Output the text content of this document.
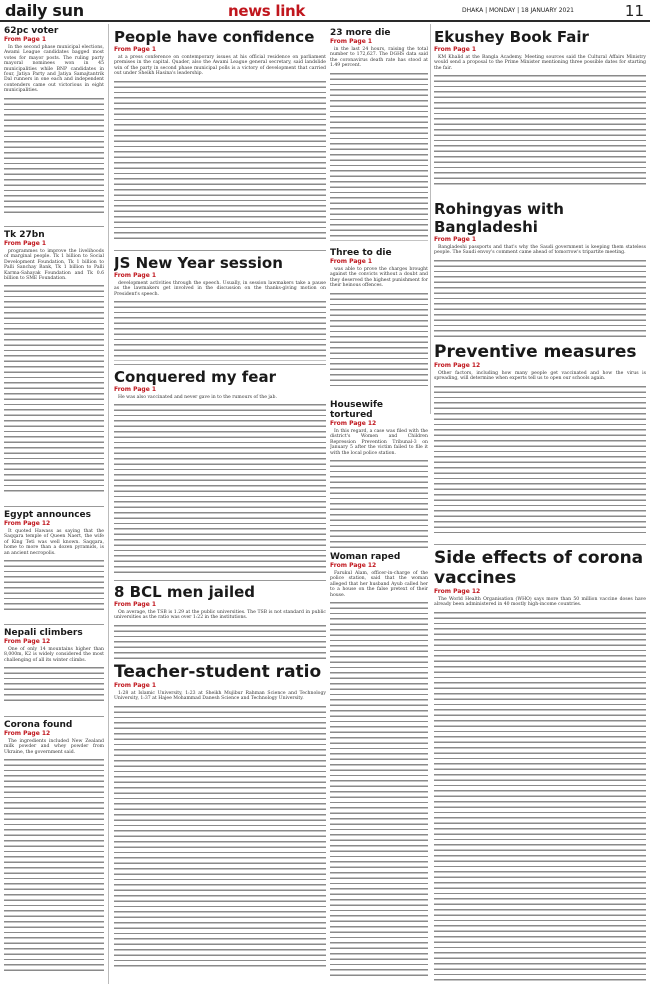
daily sun	news link	DHAKA | MONDAY | 18 JANUARY 2021	11
62pc voter
From Page 1

In the second phase municipal elections, Awami League candidates bagged most votes for mayor posts. The ruling party mayoral nominees won in 45 municipalities while BNP candidates in four, Jatiya Party and Jatiya Samajtantrik Dal runners in one each and independent contenders came out victorious in eight municipalities.

Tk 27bn
From Page 1

programmes to improve the livelihoods of marginal people. Tk 1 billion to Social Development Foundation, Tk 1 billion to Palli Sanchay Bank, Tk 1 billion to Palli Karma-Sahayak Foundation and Tk 0.6 billion to SME Foundation.

Egypt announces
From Page 12

It quoted Hawass as saying that the Saqqara temple of Queen Naert, the wife of King Teti was well known. Saqqara, home to more than a dozen pyramids, is an ancient necropolis.

Nepali climbers
From Page 12

One of only 14 mountains higher than 8,000m, K2 is widely considered the most challenging of all its winter climbs.

Corona found
From Page 12

The ingredients included New Zealand milk powder and whey powder from Ukraine, the government said.

People have confidence
From Page 1

at a press conference on contemporary issues at his official residence on parliament premises in the capital. Quader, also the Awami League general secretary, said landslide win of the party in second phase municipal polls is a victory of development that carried out under Sheikh Hasina's leadership.

23 more die
From Page 1

in the last 24 hours, raising the total number to 172,627. The DGHS data said the coronavirus death rate has stood at 1.49 percent.

Ekushey Book Fair
From Page 1

KM Khalid at the Bangla Academy. Meeting sources said the Cultural Affairs Ministry would send a proposal to the Prime Minister mentioning three possible dates for starting the fair.

Three to die
From Page 1

was able to prove the charges brought against the convicts without a doubt and they deserved the highest punishment for their heinous offences.

Rohingyas with Bangladeshi
From Page 1

Bangladeshi passports and that's why the Saudi government is keeping them stateless people. The Saudi envoy's comment came ahead of tomorrow's tripartite meeting.

JS New Year session
From Page 1

development activities through the speech. Usually, in session lawmakers take a pause as the lawmakers get involved in the discussion on the thanks-giving motion on President's speech.

Conquered my fear
From Page 1

He was also vaccinated and never gave in to the rumours of the jab.

Housewife tortured
From Page 12

In this regard, a case was filed with the district's Women and Children Repression Prevention Tribunal-3 on January 5 after the victim failed to file it with the local police station.

Preventive measures
From Page 12

Other factors, including how many people get vaccinated and how the virus is spreading, will determine when experts tell us to open our schools again.

8 BCL men jailed
From Page 1

On average, the TSB is 1.29 at the public universities. The TSB is not standard in public universities as the ratio was over 1:22 in the institutions.

Teacher-student ratio
From Page 1

1:28 at Islamic University, 1:23 at Sheikh Mujibur Rahman Science and Technology University, 1:37 at Hajee Mohammad Danesh Science and Technology University.

Woman raped
From Page 12

Farukul Alam, officer-in-charge of the police station, said that the woman alleged that her husband Ayub called her to a house on the false pretext of their house.

Side effects of corona vaccines
From Page 12

The World Health Organisation (WHO) says more than 50 million vaccine doses have already been administered in 40 mostly high-income countries.
